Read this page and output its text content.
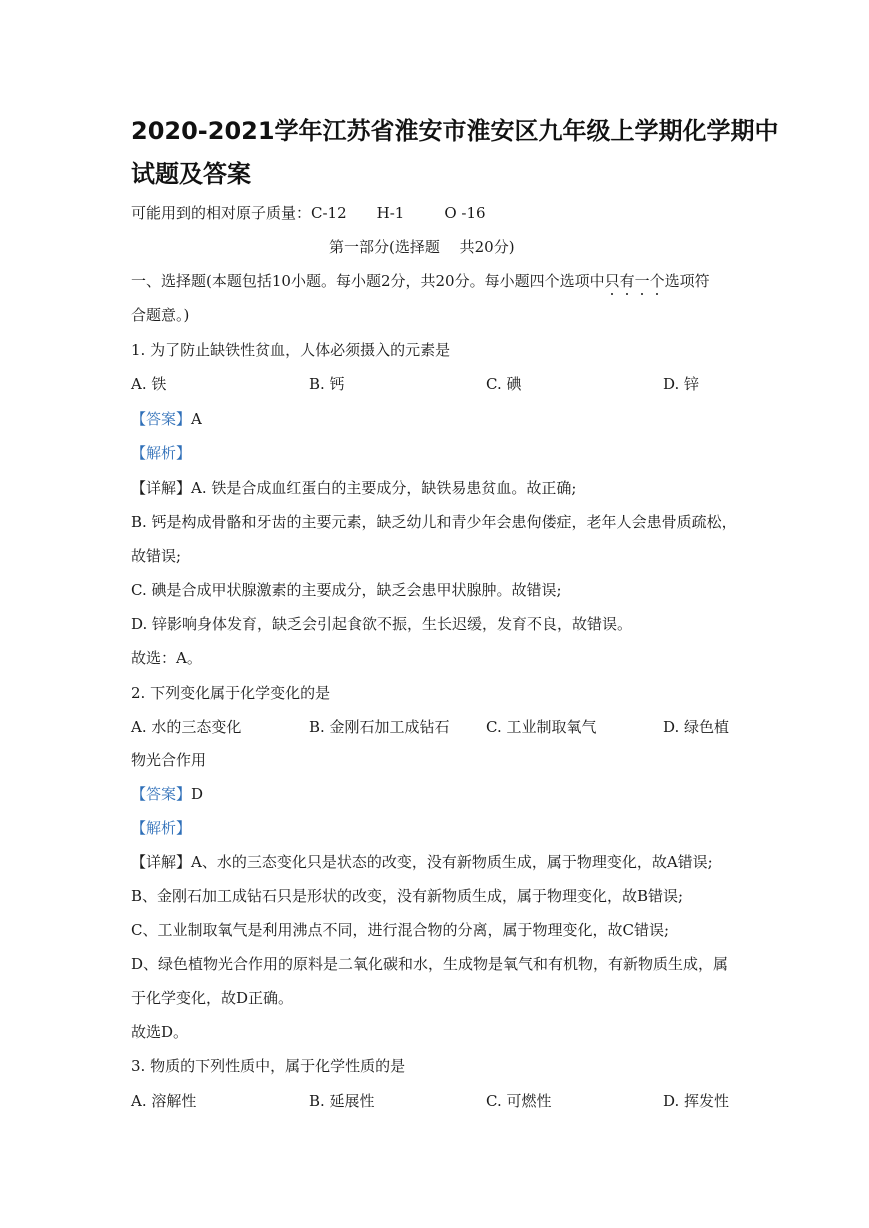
2020-2021学年江苏省淮安市淮安区九年级上学期化学期中
试题及答案
可能用到的相对原子质量：C-12 H-1	O -16
第一部分(选择题　 共20分)
一、选择题(本题包括10小题。每小题2分，共20分。每小题四个选项中只有一个选项符
合题意。)
1. 为了防止缺铁性贫血，人体必须摄入的元素是
A. 铁	B. 钙	C. 碘	D. 锌
【答案】A
【解析】
【详解】A. 铁是合成血红蛋白的主要成分，缺铁易患贫血。故正确;
B. 钙是构成骨骼和牙齿的主要元素，缺乏幼儿和青少年会患佝偻症，老年人会患骨质疏松，
故错误;
C. 碘是合成甲状腺激素的主要成分，缺乏会患甲状腺肿。故错误;
D. 锌影响身体发育，缺乏会引起食欲不振，生长迟缓，发育不良，故错误。
故选：A。
2. 下列变化属于化学变化的是
A. 水的三态变化	B. 金刚石加工成钻石 C. 工业制取氧气	D. 绿色植
物光合作用
【答案】D
【解析】
【详解】A、水的三态变化只是状态的改变，没有新物质生成，属于物理变化，故A错误;
B、金刚石加工成钻石只是形状的改变，没有新物质生成，属于物理变化，故B错误;
C、工业制取氧气是利用沸点不同，进行混合物的分离，属于物理变化，故C错误;
D、绿色植物光合作用的原料是二氧化碳和水，生成物是氧气和有机物，有新物质生成，属
于化学变化，故D正确。
故选D。
3. 物质的下列性质中，属于化学性质的是
A. 溶解性	B. 延展性	C. 可燃性	D. 挥发性
